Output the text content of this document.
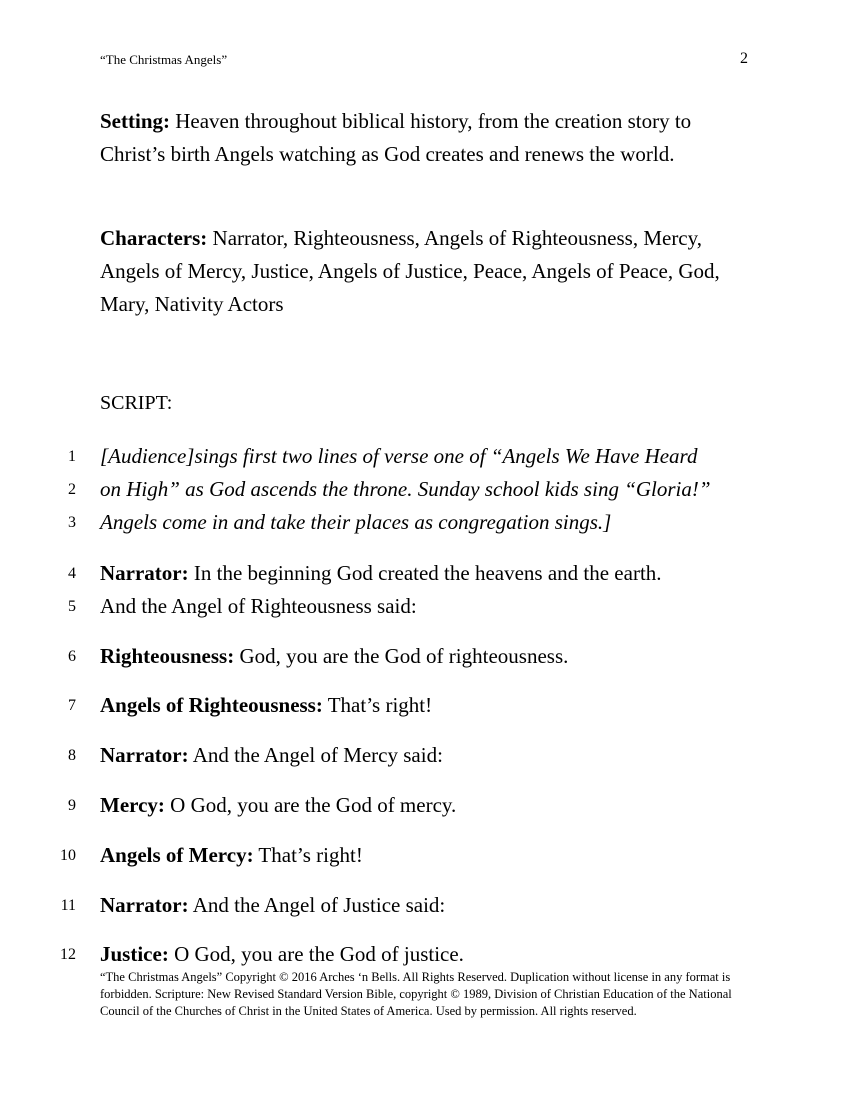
“The Christmas Angels”	2
Setting: Heaven throughout biblical history, from the creation story to Christ’s birth Angels watching as God creates and renews the world.
Characters: Narrator, Righteousness, Angels of Righteousness, Mercy, Angels of Mercy, Justice, Angels of Justice, Peace, Angels of Peace, God, Mary, Nativity Actors
SCRIPT:
1 [Audience]sings first two lines of verse one of “Angels We Have Heard
2 on High” as God ascends the throne. Sunday school kids sing “Gloria!”
3 Angels come in and take their places as congregation sings.]
4 Narrator: In the beginning God created the heavens and the earth.
5 And the Angel of Righteousness said:
6 Righteousness: God, you are the God of righteousness.
7 Angels of Righteousness: That’s right!
8 Narrator: And the Angel of Mercy said:
9 Mercy: O God, you are the God of mercy.
10 Angels of Mercy: That’s right!
11 Narrator: And the Angel of Justice said:
12 Justice: O God, you are the God of justice.
“The Christmas Angels” Copyright © 2016 Arches ‘n Bells. All Rights Reserved. Duplication without license in any format is forbidden. Scripture: New Revised Standard Version Bible, copyright © 1989, Division of Christian Education of the National Council of the Churches of Christ in the United States of America. Used by permission. All rights reserved.
